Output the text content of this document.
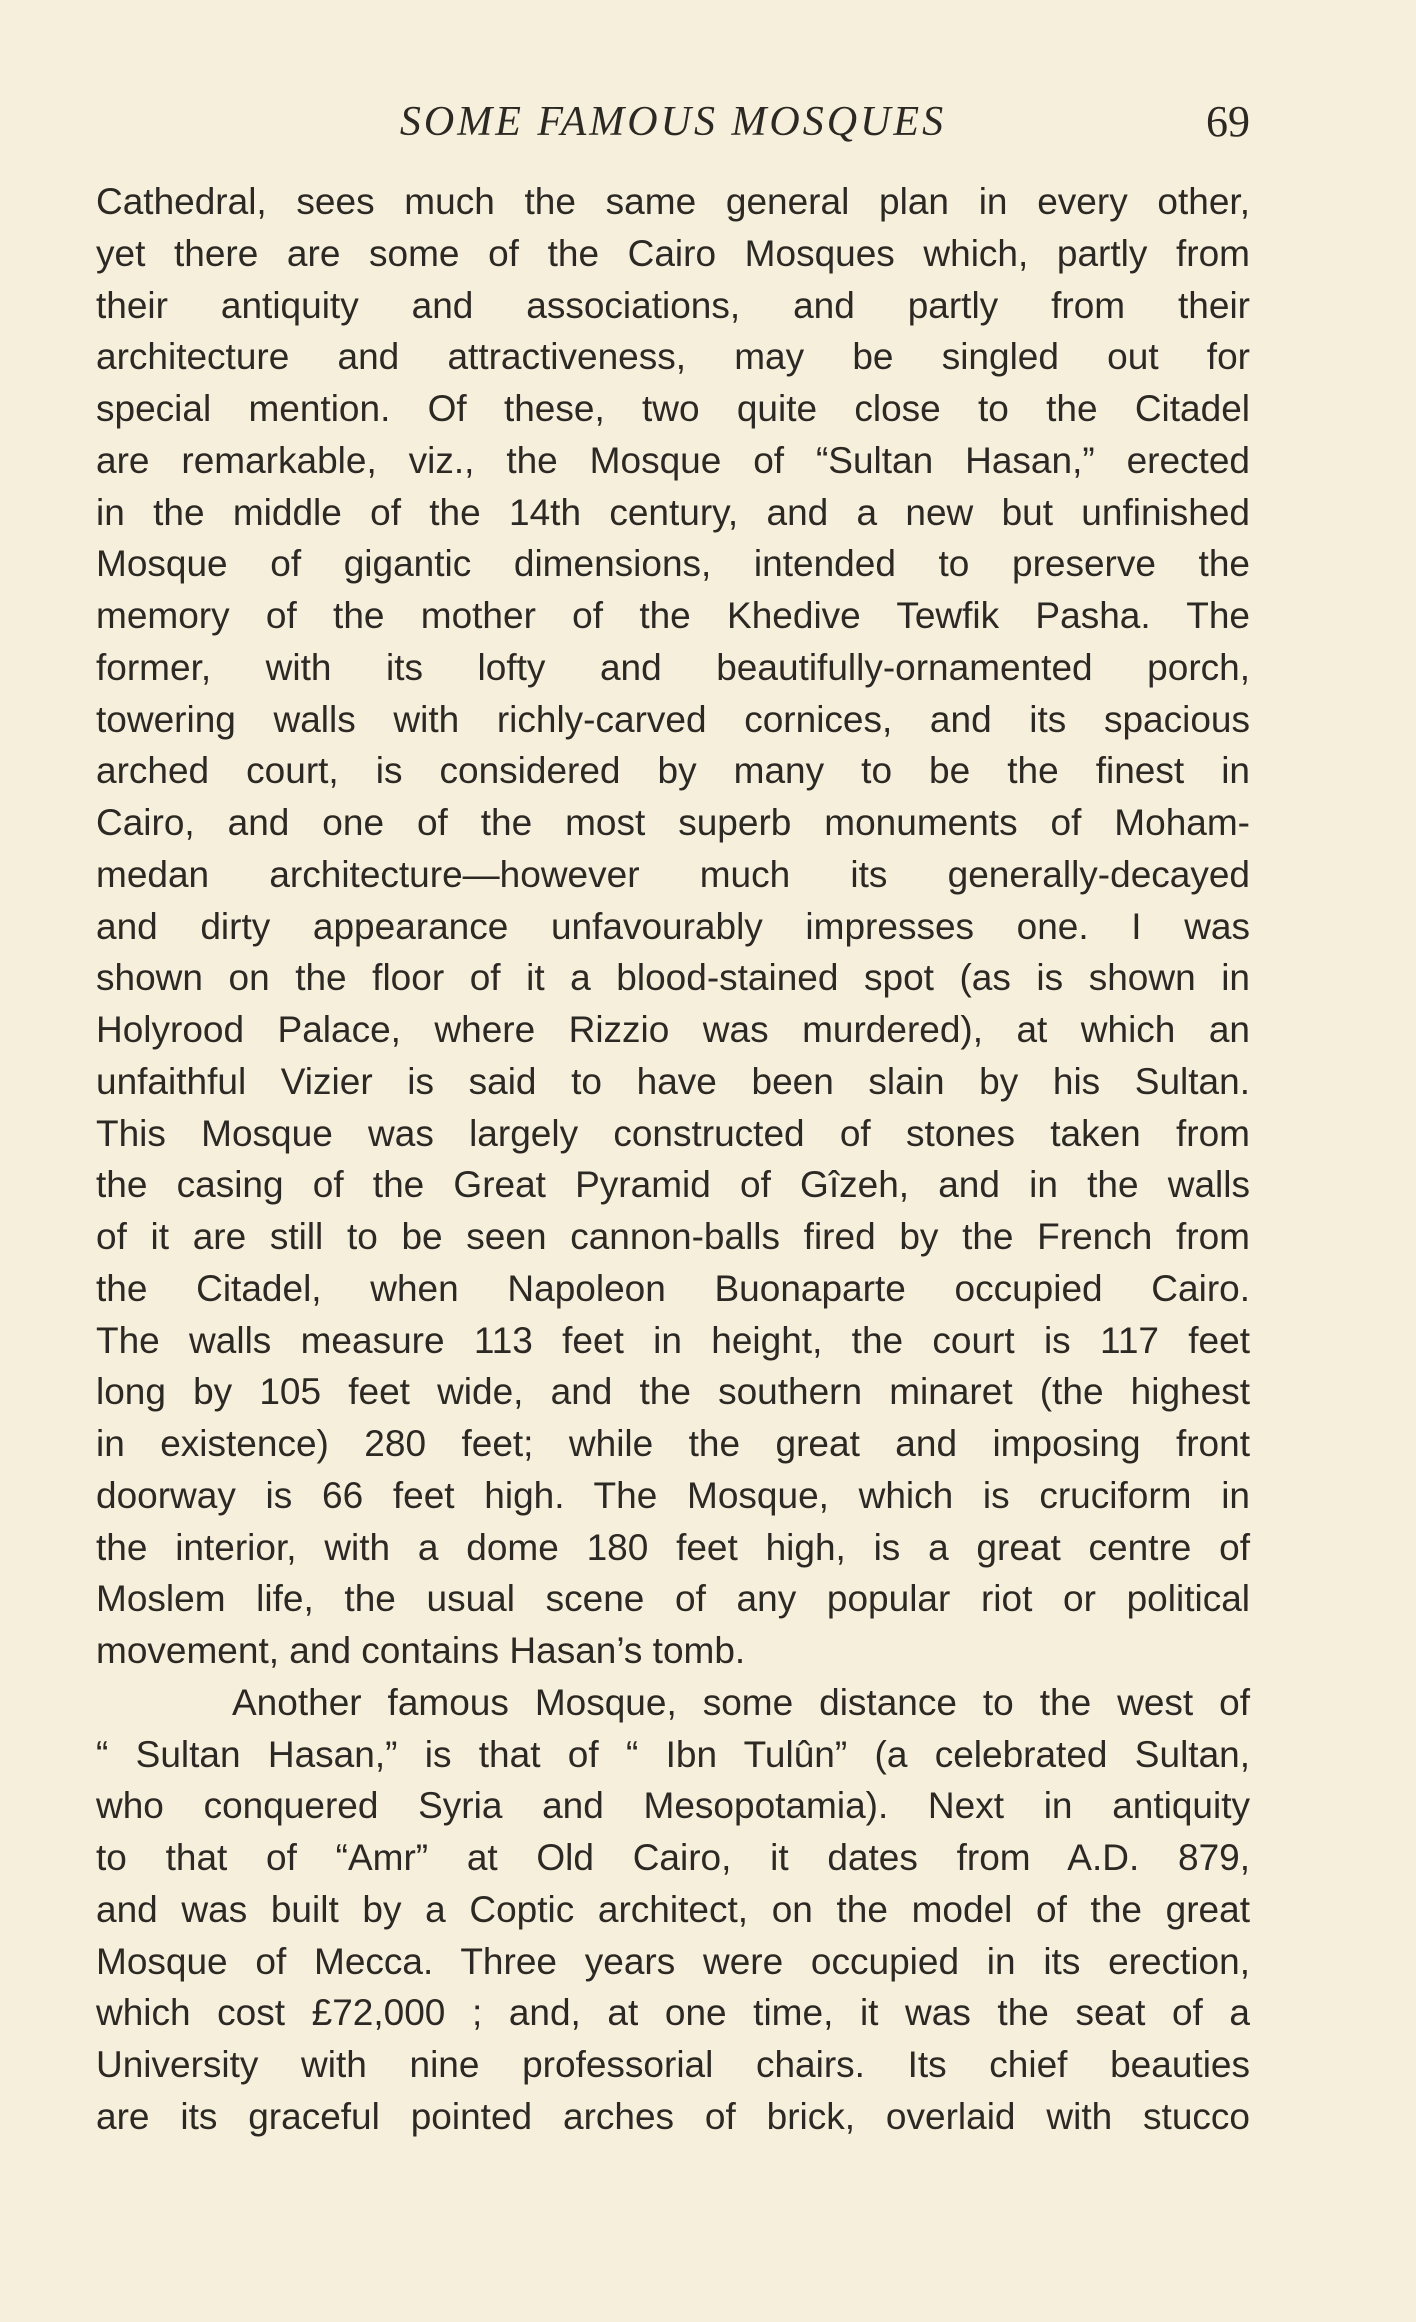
SOME FAMOUS MOSQUES	69
Cathedral, sees much the same general plan in every other,
yet there are some of the Cairo Mosques which, partly from
their antiquity and associations, and partly from their
architecture and attractiveness, may be singled out for
special mention. Of these, two quite close to the Citadel
are remarkable, viz., the Mosque of “Sultan Hasan,” erected
in the middle of the 14th century, and a new but unfinished
Mosque of gigantic dimensions, intended to preserve the
memory of the mother of the Khedive Tewfik Pasha. The
former, with its lofty and beautifully-ornamented porch,
towering walls with richly-carved cornices, and its spacious
arched court, is considered by many to be the finest in
Cairo, and one of the most superb monuments of Moham-
medan architecture—however much its generally-decayed
and dirty appearance unfavourably impresses one. I was
shown on the floor of it a blood-stained spot (as is shown in
Holyrood Palace, where Rizzio was murdered), at which an
unfaithful Vizier is said to have been slain by his Sultan.
This Mosque was largely constructed of stones taken from
the casing of the Great Pyramid of Gîzeh, and in the walls
of it are still to be seen cannon-balls fired by the French from
the Citadel, when Napoleon Buonaparte occupied Cairo.
The walls measure 113 feet in height, the court is 117 feet
long by 105 feet wide, and the southern minaret (the highest
in existence) 280 feet; while the great and imposing front
doorway is 66 feet high. The Mosque, which is cruciform in
the interior, with a dome 180 feet high, is a great centre of
Moslem life, the usual scene of any popular riot or political
movement, and contains Hasan’s tomb.
Another famous Mosque, some distance to the west of
“ Sultan Hasan,” is that of “ Ibn Tulûn” (a celebrated Sultan,
who conquered Syria and Mesopotamia). Next in antiquity
to that of “Amr” at Old Cairo, it dates from A.D. 879,
and was built by a Coptic architect, on the model of the great
Mosque of Mecca. Three years were occupied in its erection,
which cost £72,000 ; and, at one time, it was the seat of a
University with nine professorial chairs. Its chief beauties
are its graceful pointed arches of brick, overlaid with stucco
